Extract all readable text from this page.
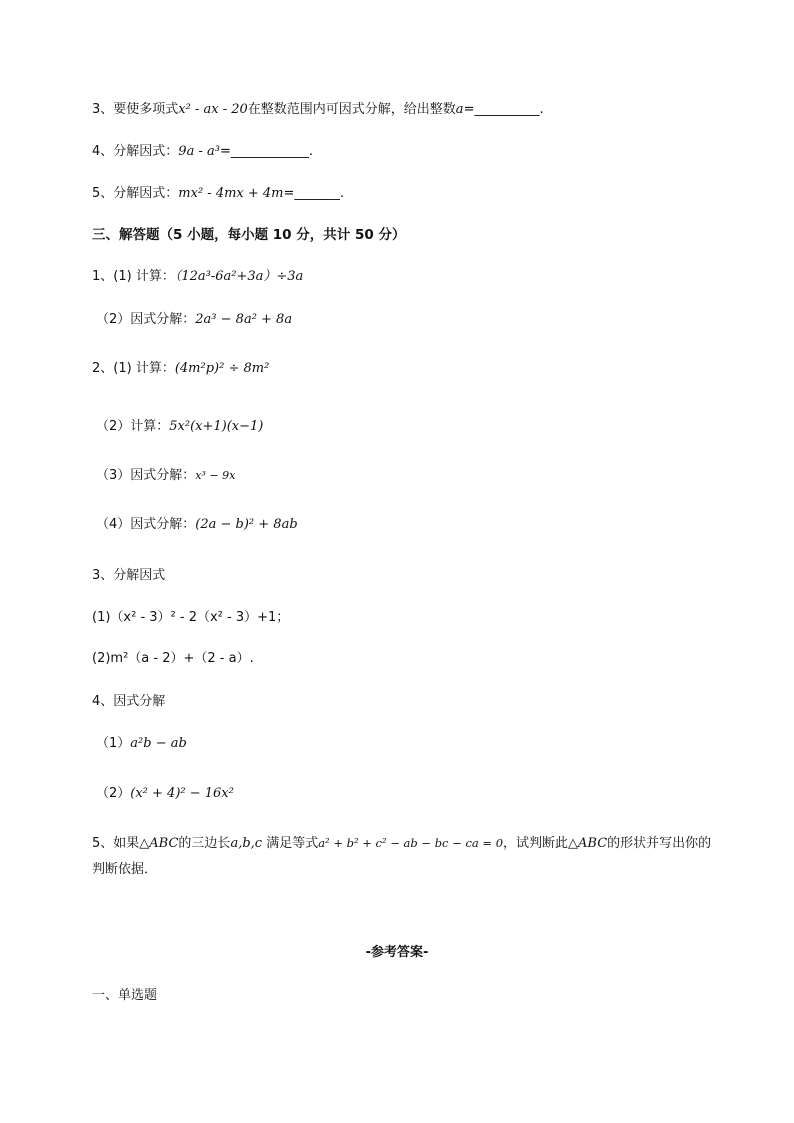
3、要使多项式x² - ax - 20在整数范围内可因式分解，给出整数a=__________.
4、分解因式：9a - a³=____________.
5、分解因式：mx² - 4mx + 4m=_______.
三、解答题（5 小题，每小题 10 分，共计 50 分）
1、(1) 计算：（12a³-6a²+3a）÷3a
（2）因式分解：2a³ − 8a² + 8a
2、(1) 计算：(4m²p)² ÷ 8m²
（2）计算：5x²(x+1)(x−1)
（3）因式分解：x³ − 9x
（4）因式分解：(2a − b)² + 8ab
3、分解因式
(1)（x² - 3）² - 2（x² - 3）+1；
(2)m²（a - 2）+（2 - a）.
4、因式分解
（1）a²b − ab
（2）(x² + 4)² − 16x²
5、如果△ABC的三边长a,b,c 满足等式a² + b² + c² − ab − bc − ca = 0，试判断此△ABC的形状并写出你的
判断依据．
-参考答案-
一、单选题
